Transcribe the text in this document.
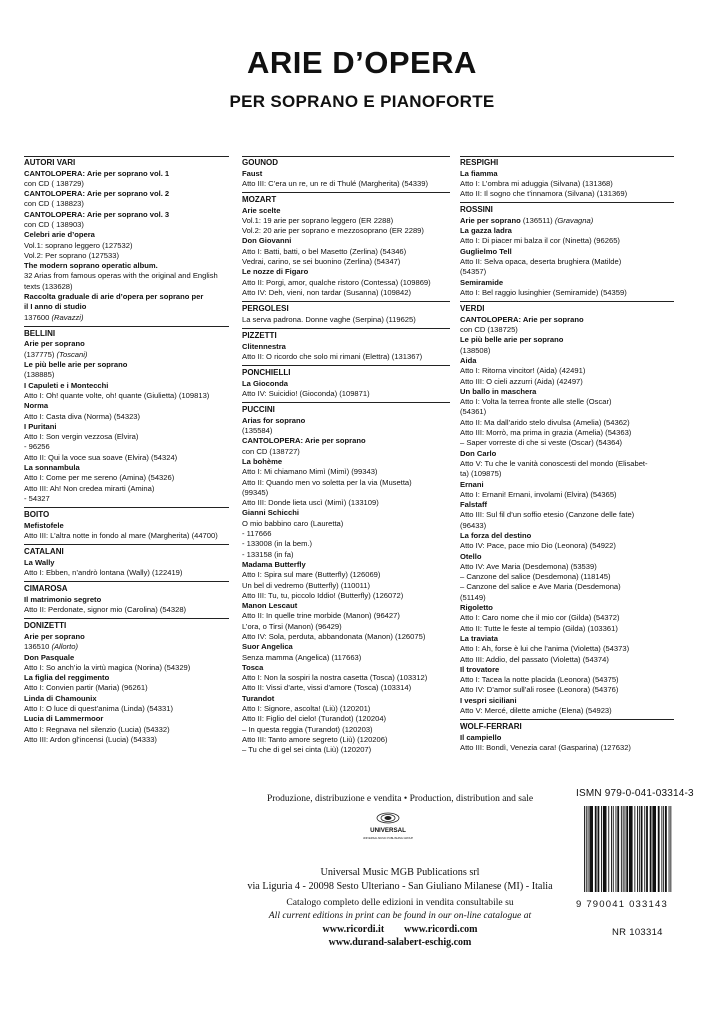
ARIE D’OPERA
PER SOPRANO E PIANOFORTE
AUTORI VARI
CANTOLOPERA: Arie per soprano vol. 1
con CD ( 138729)
CANTOLOPERA: Arie per soprano vol. 2
con CD ( 138823)
CANTOLOPERA: Arie per soprano vol. 3
con CD ( 138903)
Celebri arie d’opera
Vol.1: soprano leggero (127532)
Vol.2: Per soprano (127533)
The modern soprano operatic album.
32 Arias from famous operas with the original and English
texts (133628)
Raccolta graduale di arie d’opera per soprano per
il I anno di studio
137600 (Ravazzi)
BELLINI
Arie per soprano
(137775) (Toscani)
Le più belle arie per soprano
(138885)
I Capuleti e i Montecchi
Atto I: Oh! quante volte, oh! quante (Giulietta) (109813)
Norma
Atto I: Casta diva (Norma) (54323)
I Puritani
Atto I: Son vergin vezzosa (Elvira)
- 96256
Atto II: Qui la voce sua soave (Elvira) (54324)
La sonnambula
Atto I: Come per me sereno (Amina) (54326)
Atto III: Ah! Non credea mirarti (Amina)
- 54327
BOITO
Mefistofele
Atto III: L’altra notte in fondo al mare (Margherita) (44700)
CATALANI
La Wally
Atto I: Ebben, n’andrò lontana (Wally) (122419)
CIMAROSA
Il matrimonio segreto
Atto II: Perdonate, signor mio (Carolina) (54328)
DONIZETTI
Arie per soprano
136510 (Allorto)
Don Pasquale
Atto I: So anch’io la virtù magica (Norina) (54329)
La figlia del reggimento
Atto I: Convien partir (Maria) (96261)
Linda di Chamounix
Atto I: O luce di quest’anima (Linda) (54331)
Lucia di Lammermoor
Atto I: Regnava nel silenzio (Lucia) (54332)
Atto III: Ardon gl’incensi (Lucia) (54333)
GOUNOD
Faust
Atto III: C’era un re, un re di Thulé (Margherita) (54339)
MOZART
Arie scelte
Vol.1: 19 arie per soprano leggero (ER 2288)
Vol.2: 20 arie per soprano e mezzosoprano (ER 2289)
Don Giovanni
Atto I: Batti, batti, o bel Masetto (Zerlina) (54346)
Vedrai, carino, se sei buonino (Zerlina) (54347)
Le nozze di Figaro
Atto II: Porgi, amor, qualche ristoro (Contessa) (109869)
Atto IV: Deh, vieni, non tardar (Susanna) (109842)
PERGOLESI
La serva padrona. Donne vaghe (Serpina) (119625)
PIZZETTI
Clitennestra
Atto II: O ricordo che solo mi rimani (Elettra) (131367)
PONCHIELLI
La Gioconda
Atto IV: Suicidio! (Gioconda) (109871)
PUCCINI
Arias for soprano
(135584)
CANTOLOPERA: Arie per soprano
con CD (138727)
La bohème
Atto I: Mi chiamano Mimì (Mimì) (99343)
Atto II: Quando men vo soletta per la via (Musetta)
(99345)
Atto III: Donde lieta uscì (Mimì) (133109)
Gianni Schicchi
O mio babbino caro (Lauretta)
- 117666
- 133008 (in la bem.)
- 133158 (in fa)
Madama Butterfly
Atto I: Spira sul mare (Butterfly) (126069)
Un bel di vedremo (Butterfly) (110011)
Atto III: Tu, tu, piccolo Iddio! (Butterfly) (126072)
Manon Lescaut
Atto II: In quelle trine morbide (Manon) (96427)
L’ora, o Tirsi (Manon) (96429)
Atto IV: Sola, perduta, abbandonata (Manon) (126075)
Suor Angelica
Senza mamma (Angelica) (117663)
Tosca
Atto I: Non la sospiri la nostra casetta (Tosca) (103312)
Atto II: Vissi d’arte, vissi d’amore (Tosca) (103314)
Turandot
Atto I: Signore, ascolta! (Liù) (120201)
Atto II: Figlio del cielo! (Turandot) (120204)
– In questa reggia (Turandot) (120203)
Atto III: Tanto amore segreto (Liù) (120206)
– Tu che di gel sei cinta (Liù) (120207)
RESPIGHI
La fiamma
Atto I: L’ombra mi aduggia (Silvana) (131368)
Atto II: Il sogno che t’innamora (Silvana) (131369)
ROSSINI
Arie per soprano (136511) (Gravagna)
La gazza ladra
Atto I: Di piacer mi balza il cor (Ninetta) (96265)
Guglielmo Tell
Atto II: Selva opaca, deserta brughiera (Matilde)
(54357)
Semiramide
Atto I: Bel raggio lusinghier (Semiramide) (54359)
VERDI
CANTOLOPERA: Arie per soprano
con CD (138725)
Le più belle arie per soprano
(138508)
Aida
Atto I: Ritorna vincitor! (Aida) (42491)
Atto III: O cieli azzurri (Aida) (42497)
Un ballo in maschera
Atto I: Volta la terrea fronte alle stelle (Oscar)
(54361)
Atto II: Ma dall’arido stelo divulsa (Amelia) (54362)
Atto III: Morrò, ma prima in grazia (Amelia) (54363)
– Saper vorreste di che si veste (Oscar) (54364)
Don Carlo
Atto V: Tu che le vanità conoscesti del mondo (Elisabet-
ta) (109875)
Ernani
Atto I: Ernani! Ernani, involami (Elvira) (54365)
Falstaff
Atto III: Sul fil d’un soffio etesio (Canzone delle fate)
(96433)
La forza del destino
Atto IV: Pace, pace mio Dio (Leonora) (54922)
Otello
Atto IV: Ave Maria (Desdemona) (53539)
– Canzone del salice (Desdemona) (118145)
– Canzone del salice e Ave Maria (Desdemona)
(51149)
Rigoletto
Atto I: Caro nome che il mio cor (Gilda) (54372)
Atto II: Tutte le feste al tempio (Gilda) (103361)
La traviata
Atto I: Ah, forse è lui che l’anima (Violetta) (54373)
Atto III: Addio, del passato (Violetta) (54374)
Il trovatore
Atto I: Tacea la notte placida (Leonora) (54375)
Atto IV: D’amor sull’ali rosee (Leonora) (54376)
I vespri siciliani
Atto V: Mercé, dilette amiche (Elena) (54923)
WOLF-FERRARI
Il campiello
Atto III: Bondì, Venezia cara! (Gasparina) (127632)
Produzione, distribuzione e vendita • Production, distribution and sale
UNIVERSAL
UNIVERSAL MUSIC PUBLISHING GROUP
Universal Music MGB Publications srl
via Liguria 4 - 20098 Sesto Ulteriano - San Giuliano Milanese (MI) - Italia
Catalogo completo delle edizioni in vendita consultabile su
All current editions in print can be found in our on-line catalogue at
www.ricordi.it www.ricordi.com
www.durand-salabert-eschig.com
ISMN 979-0-041-03314-3
9 790041 033143
NR 103314
